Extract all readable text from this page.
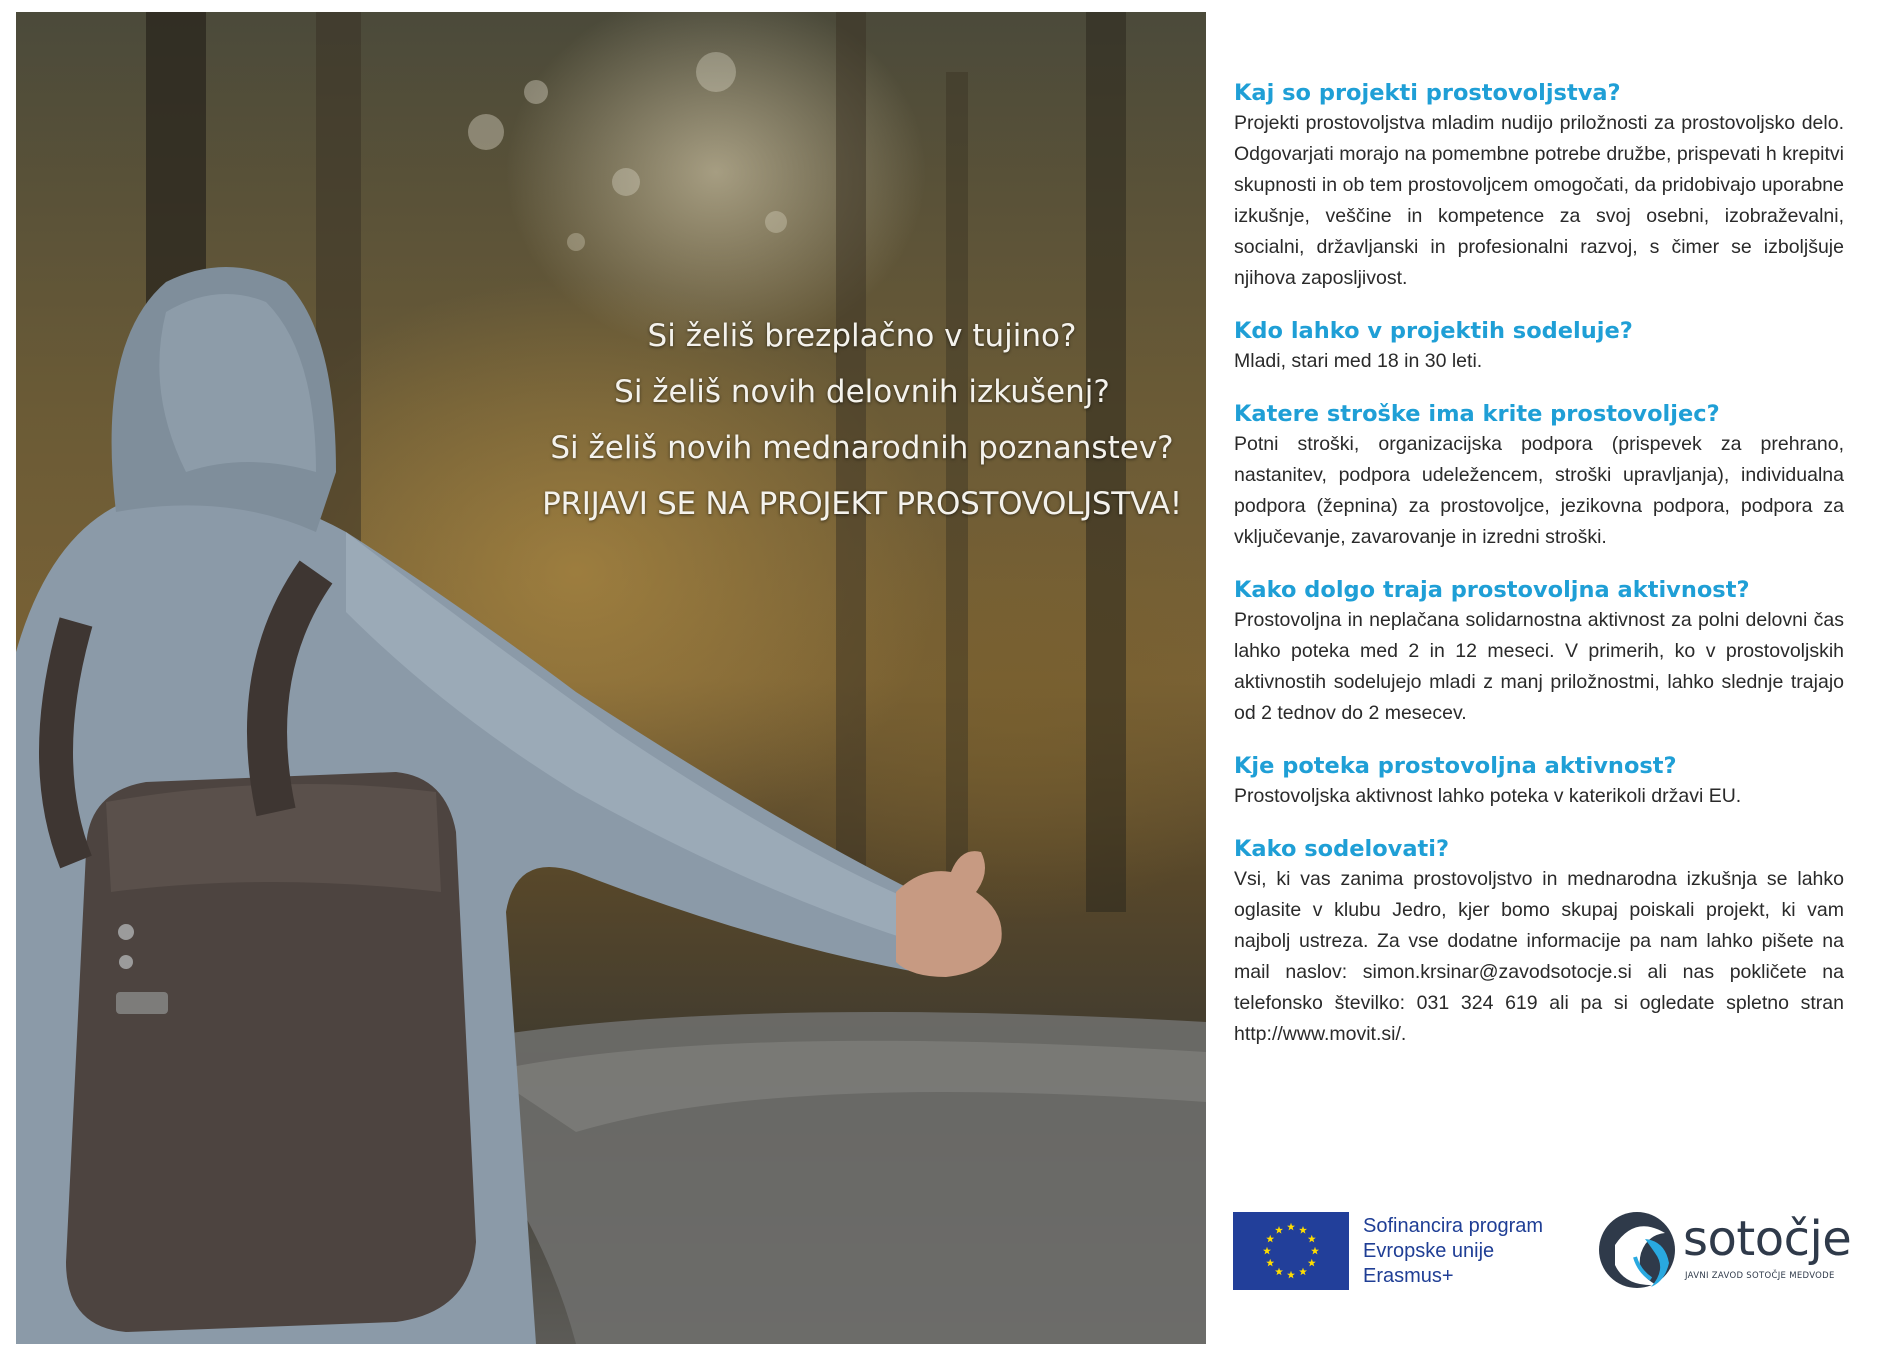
Si želiš brezplačno v tujino?
Si želiš novih delovnih izkušenj?
Si želiš novih mednarodnih poznanstev?
PRIJAVI SE NA PROJEKT PROSTOVOLJSTVA!
Kaj so projekti prostovoljstva?

Projekti prostovoljstva mladim nudijo priložnosti za prostovoljsko delo. Odgovarjati morajo na pomembne potrebe družbe, prispevati h krepitvi skupnosti in ob tem prostovoljcem omogočati, da pridobivajo uporabne izkušnje, veščine in kompetence za svoj osebni, izobraževalni, socialni, državljanski in profesionalni razvoj, s čimer se izboljšuje njihova zaposljivost.

Kdo lahko v projektih sodeluje?

Mladi, stari med 18 in 30 leti.

Katere stroške ima krite prostovoljec?

Potni stroški, organizacijska podpora (prispevek za prehrano, nastanitev, podpora udeležencem, stroški upravljanja), individualna podpora (žepnina) za prostovoljce, jezikovna podpora, podpora za vključevanje, zavarovanje in izredni stroški.

Kako dolgo traja prostovoljna aktivnost?

Prostovoljna in neplačana solidarnostna aktivnost za polni delovni čas lahko poteka med 2 in 12 meseci. V primerih, ko v prostovoljskih aktivnostih sodelujejo mladi z manj priložnostmi, lahko slednje trajajo od 2 tednov do 2 mesecev.

Kje poteka prostovoljna aktivnost?

Prostovoljska aktivnost lahko poteka v katerikoli državi EU.

Kako sodelovati?

Vsi, ki vas zanima prostovoljstvo in mednarodna izkušnja se lahko oglasite v klubu Jedro, kjer bomo skupaj poiskali projekt, ki vam najbolj ustreza. Za vse dodatne informacije pa nam lahko pišete na mail naslov: simon.krsinar@zavodsotocje.si ali nas pokličete na telefonsko številko: 031 324 619 ali pa si ogledate spletno stran http://www.movit.si/.

Sofinancira program
Evropske unije
Erasmus+
sotočje
JAVNI ZAVOD SOTOČJE MEDVODE
